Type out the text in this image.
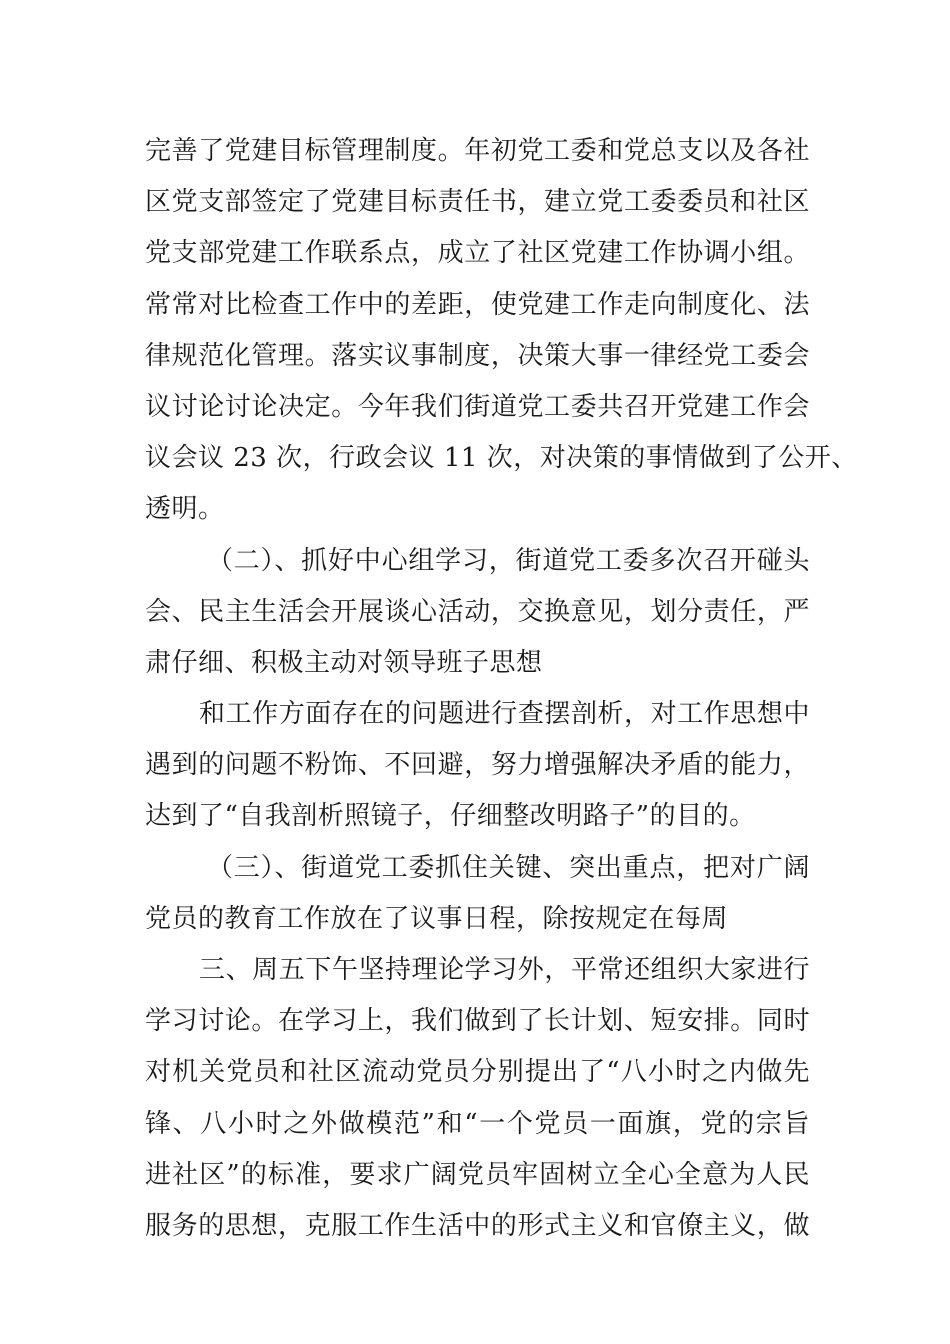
完善了党建目标管理制度。年初党工委和党总支以及各社
区党支部签定了党建目标责任书，建立党工委委员和社区
党支部党建工作联系点，成立了社区党建工作协调小组。
常常对比检查工作中的差距，使党建工作走向制度化、法
律规范化管理。落实议事制度，决策大事一律经党工委会
议讨论讨论决定。今年我们街道党工委共召开党建工作会
议会议 23 次，行政会议 11 次，对决策的事情做到了公开、
透明。
（二）、抓好中心组学习，街道党工委多次召开碰头
会、民主生活会开展谈心活动，交换意见，划分责任，严
肃仔细、积极主动对领导班子思想
和工作方面存在的问题进行查摆剖析，对工作思想中
遇到的问题不粉饰、不回避，努力增强解决矛盾的能力，
达到了“自我剖析照镜子，仔细整改明路子”的目的。
（三）、街道党工委抓住关键、突出重点，把对广阔
党员的教育工作放在了议事日程，除按规定在每周
三、周五下午坚持理论学习外，平常还组织大家进行
学习讨论。在学习上，我们做到了长计划、短安排。同时
对机关党员和社区流动党员分别提出了“八小时之内做先
锋、八小时之外做模范”和“一个党员一面旗，党的宗旨
进社区”的标准，要求广阔党员牢固树立全心全意为人民
服务的思想，克服工作生活中的形式主义和官僚主义，做
